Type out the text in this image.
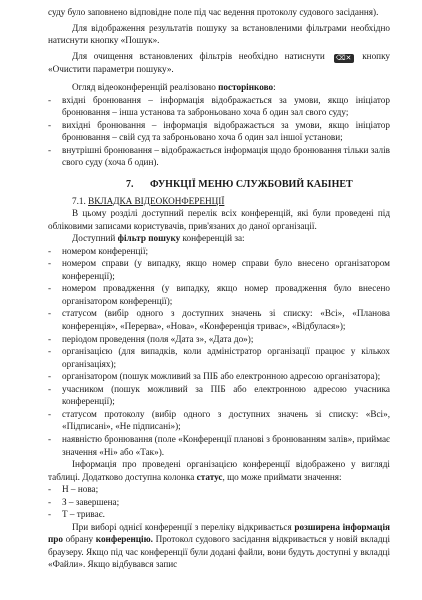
суду було заповнено відповідне поле під час ведення протоколу судового засідання).

Для відображення результатів пошуку за встановленими фільтрами необхідно натиснути кнопку «Пошук».

Для очищення встановлених фільтрів необхідно натиснути ⌫✕ кнопку «Очистити параметри пошуку».

Огляд відеоконференцій реалізовано посторінково:

- вхідні бронювання – інформація відображається за умови, якщо ініціатор бронювання – інша установа та заброньовано хоча б один зал свого суду;

- вихідні бронювання – інформація відображається за умови, якщо ініціатор бронювання – свій суд та заброньовано хоча б один зал іншої установи;

- внутрішні бронювання – відображається інформація щодо бронювання тільки залів свого суду (хоча б один).

7. ФУНКЦІЇ МЕНЮ СЛУЖБОВИЙ КАБІНЕТ

7.1. ВКЛАДКА ВІДЕОКОНФЕРЕНЦІЇ

В цьому розділі доступний перелік всіх конференцій, які були проведені під обліковими записами користувачів, прив'язаних до даної організації.

Доступний фільтр пошуку конференцій за:

- номером конференції;

- номером справи (у випадку, якщо номер справи було внесено організатором конференції);

- номером провадження (у випадку, якщо номер провадження було внесено організатором конференції);

- статусом (вибір одного з доступних значень зі списку: «Всі», «Планова конференція», «Перерва», «Нова», «Конференція триває», «Відбулася»);

- періодом проведення (поля «Дата з», «Дата до»);

- організацією (для випадків, коли адміністратор організації працює у кількох організаціях);

- організатором (пошук можливий за ПІБ або електронною адресою організатора);

- учасником (пошук можливий за ПІБ або електронною адресою учасника конференції);

- статусом протоколу (вибір одного з доступних значень зі списку: «Всі», «Підписані», «Не підписані»);

- наявністю бронювання (поле «Конференції планові з бронюванням залів», приймає значення «Ні» або «Так»).

Інформація про проведені організацією конференції відображено у вигляді таблиці. Додатково доступна колонка статус, що може приймати значення:

- Н – нова;

- З – завершена;

- Т – триває.

При виборі однієї конференції з переліку відкривається розширена інформація про обрану конференцію. Протокол судового засідання відкривається у новій вкладці браузеру. Якщо під час конференції були додані файли, вони будуть доступні у вкладці «Файли». Якщо відбувався запис
